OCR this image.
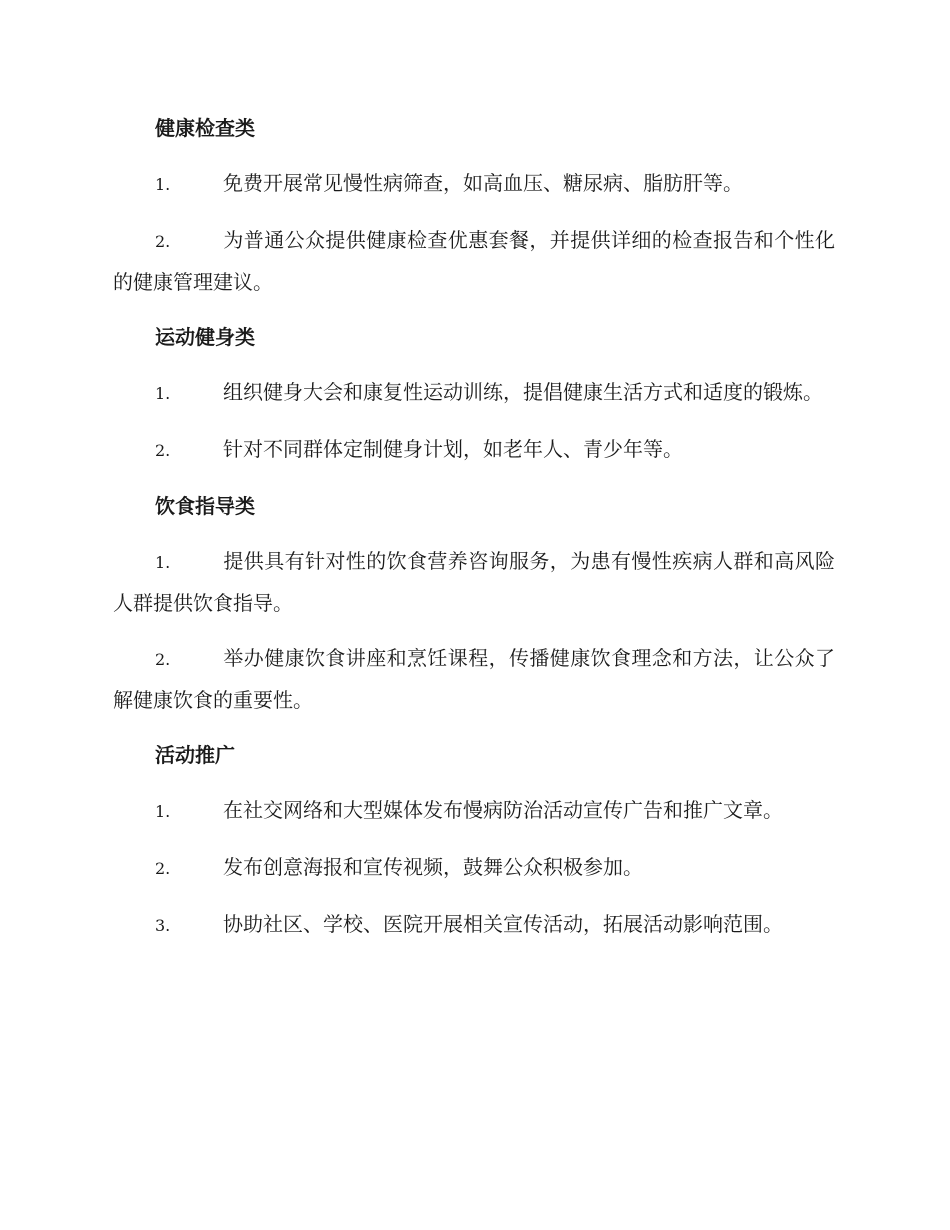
健康检查类

1.	免费开展常见慢性病筛查，如高血压、糖尿病、脂肪肝等。

2.	为普通公众提供健康检查优惠套餐，并提供详细的检查报告和个性化的健康管理建议。

运动健身类

1.	组织健身大会和康复性运动训练，提倡健康生活方式和适度的锻炼。

2.	针对不同群体定制健身计划，如老年人、青少年等。

饮食指导类

1.	提供具有针对性的饮食营养咨询服务，为患有慢性疾病人群和高风险人群提供饮食指导。

2.	举办健康饮食讲座和烹饪课程，传播健康饮食理念和方法，让公众了解健康饮食的重要性。

活动推广

1.	在社交网络和大型媒体发布慢病防治活动宣传广告和推广文章。

2.	发布创意海报和宣传视频，鼓舞公众积极参加。

3.	协助社区、学校、医院开展相关宣传活动，拓展活动影响范围。
